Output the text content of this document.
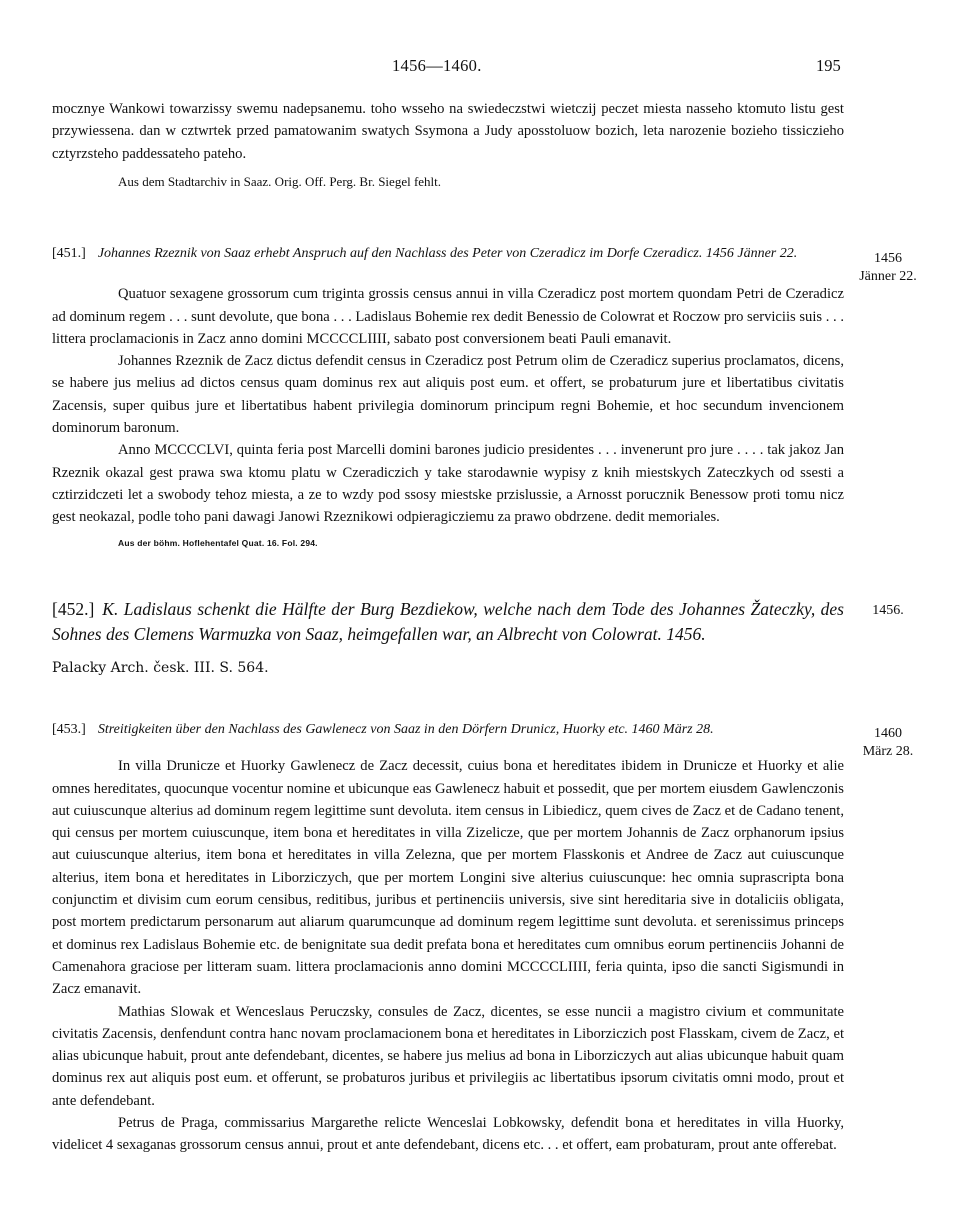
1456—1460.	195

mocznye Wankowi towarzissy swemu nadepsanemu. toho wsseho na swiedeczstwi wietczij peczet miesta nasseho ktomuto listu gest przywiessena. dan w cztwrtek przed pamatowanim swatych Ssymona a Judy aposstoluow bozich, leta narozenie bozieho tissiczieho cztyrzsteho paddessateho pateho.

Aus dem Stadtarchiv in Saaz. Orig. Off. Perg. Br. Siegel fehlt.

[451.] Johannes Rzeznik von Saaz erhebt Anspruch auf den Nachlass des Peter von Czeradicz im Dorfe Czeradicz. 1456 Jänner 22.

Quatuor sexagene grossorum cum triginta grossis census annui in villa Czeradicz post mortem quondam Petri de Czeradicz ad dominum regem . . . sunt devolute, que bona . . . Ladislaus Bohemie rex dedit Benessio de Colowrat et Roczow pro serviciis suis . . . littera proclamacionis in Zacz anno domini MCCCCLIIII, sabato post conversionem beati Pauli emanavit.

Johannes Rzeznik de Zacz dictus defendit census in Czeradicz post Petrum olim de Czeradicz superius proclamatos, dicens, se habere jus melius ad dictos census quam dominus rex aut aliquis post eum. et offert, se probaturum jure et libertatibus civitatis Zacensis, super quibus jure et libertatibus habent privilegia dominorum principum regni Bohemie, et hoc secundum invencionem dominorum baronum.

Anno MCCCCLVI, quinta feria post Marcelli domini barones judicio presidentes . . . invenerunt pro jure . . . . tak jakoz Jan Rzeznik okazal gest prawa swa ktomu platu w Czeradiczich y take starodawnie wypisy z knih miestskych Zateczkych od ssesti a cztirzidczeti let a swobody tehoz miesta, a ze to wzdy pod ssosy miestske przislussie, a Arnosst porucznik Benessow proti tomu nicz gest neokazal, podle toho pani dawagi Janowi Rzeznikowi odpieragicziemu za prawo obdrzene. dedit memoriales.

Aus der böhm. Hoflehentafel Quat. 16. Fol. 294.

1456
Jänner 22.

[452.] K. Ladislaus schenkt die Hälfte der Burg Bezdiekow, welche nach dem Tode des Johannes Žateczky, des Sohnes des Clemens Warmuzka von Saaz, heimgefallen war, an Albrecht von Colowrat. 1456.

Palacky Arch. česk. III. S. 564.

1456.

[453.] Streitigkeiten über den Nachlass des Gawlenecz von Saaz in den Dörfern Drunicz, Huorky etc. 1460 März 28.

In villa Drunicze et Huorky Gawlenecz de Zacz decessit, cuius bona et hereditates ibidem in Drunicze et Huorky et alie omnes hereditates, quocunque vocentur nomine et ubicunque eas Gawlenecz habuit et possedit, que per mortem eiusdem Gawlenczonis aut cuiuscunque alterius ad dominum regem legittime sunt devoluta. item census in Libiedicz, quem cives de Zacz et de Cadano tenent, qui census per mortem cuiuscunque, item bona et hereditates in villa Zizelicze, que per mortem Johannis de Zacz orphanorum ipsius aut cuiuscunque alterius, item bona et hereditates in villa Zelezna, que per mortem Flasskonis et Andree de Zacz aut cuiuscunque alterius, item bona et hereditates in Liborziczych, que per mortem Longini sive alterius cuiuscunque: hec omnia suprascripta bona conjunctim et divisim cum eorum censibus, reditibus, juribus et pertinenciis universis, sive sint hereditaria sive in dotaliciis obligata, post mortem predictarum personarum aut aliarum quarumcunque ad dominum regem legittime sunt devoluta. et serenissimus princeps et dominus rex Ladislaus Bohemie etc. de benignitate sua dedit prefata bona et hereditates cum omnibus eorum pertinenciis Johanni de Camenahora graciose per litteram suam. littera proclamacionis anno domini MCCCCLIIII, feria quinta, ipso die sancti Sigismundi in Zacz emanavit.

Mathias Slowak et Wenceslaus Peruczsky, consules de Zacz, dicentes, se esse nuncii a magistro civium et communitate civitatis Zacensis, denfendunt contra hanc novam proclamacionem bona et hereditates in Liborziczich post Flasskam, civem de Zacz, et alias ubicunque habuit, prout ante defendebant, dicentes, se habere jus melius ad bona in Liborziczych aut alias ubicunque habuit quam dominus rex aut aliquis post eum. et offerunt, se probaturos juribus et privilegiis ac libertatibus ipsorum civitatis omni modo, prout et ante defendebant.

Petrus de Praga, commissarius Margarethe relicte Wenceslai Lobkowsky, defendit bona et hereditates in villa Huorky, videlicet 4 sexaganas grossorum census annui, prout et ante defendebant, dicens etc. . . et offert, eam probaturam, prout ante offerebat.

1460
März 28.
